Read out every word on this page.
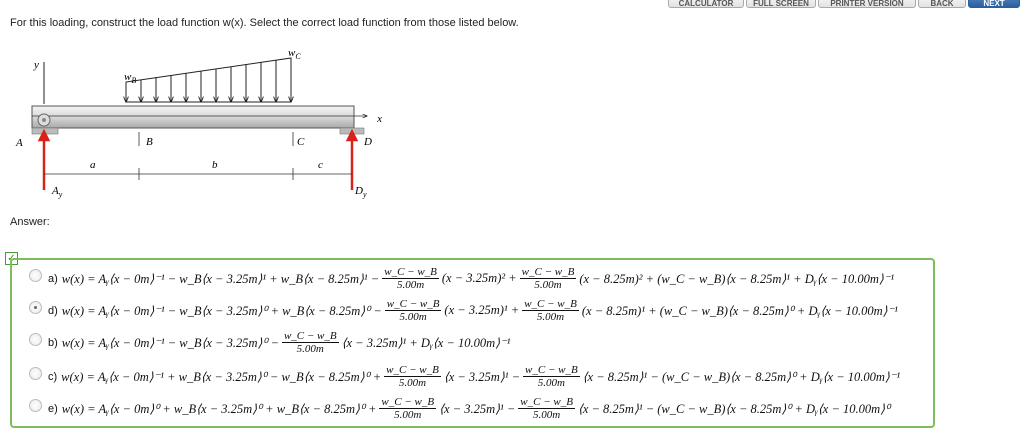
CALCULATOR	FULL SCREEN	PRINTER VERSION	BACK	NEXT
For this loading, construct the load function w(x). Select the correct load function from those listed below.
y
x
$w_B$
$w_C$
$A_y$	$D_y$
A	B	C	D
a	b	c
Answer:
✓
a) w(x) = Aᵧ⟨x − 0m⟩⁻¹ − w_B⟨x − 3.25m⟩¹ + w_B⟨x − 8.25m⟩¹ − $\frac{w\_C - w\_B}{5.00m} (x - 3.25m)^2 + \frac{w\_C - w\_B}{5.00m} (x - 8.25m)^2$ + (w_C − w_B)⟨x − 8.25m⟩¹ + Dᵧ⟨x − 10.00m⟩⁻¹
d) w(x) = Aᵧ⟨x − 0m⟩⁻¹ − w_B⟨x − 3.25m⟩⁰ + w_B⟨x − 8.25m⟩⁰ − $\frac{w\_C - w\_B}{5.00m} (x - 3.25m)^1 + \frac{w\_C - w\_B}{5.00m} (x - 8.25m)^1$ + (w_C − w_B)⟨x − 8.25m⟩⁰ + Dᵧ⟨x − 10.00m⟩⁻¹
b) w(x) = Aᵧ⟨x − 0m⟩⁻¹ − w_B⟨x − 3.25m⟩⁰ − $\frac{w\_C - w\_B}{5.00m}$ ⟨x − 3.25m⟩¹ + Dᵧ⟨x − 10.00m⟩⁻¹
c) w(x) = Aᵧ⟨x − 0m⟩⁻¹ + w_B⟨x − 3.25m⟩⁰ − w_B⟨x − 8.25m⟩⁰ + $\frac{w\_C - w\_B}{5.00m}$ ⟨x − 3.25m⟩¹ − $\frac{w\_C - w\_B}{5.00m}$ ⟨x − 8.25m⟩¹ − (w_C − w_B)⟨x − 8.25m⟩⁰ + Dᵧ⟨x − 10.00m⟩⁻¹
e) w(x) = Aᵧ⟨x − 0m⟩⁰ + w_B⟨x − 3.25m⟩⁰ + w_B⟨x − 8.25m⟩⁰ + $\frac{w\_C - w\_B}{5.00m}$ ⟨x − 3.25m⟩¹ − $\frac{w\_C - w\_B}{5.00m}$ ⟨x − 8.25m⟩¹ − (w_C − w_B)⟨x − 8.25m⟩⁰ + Dᵧ⟨x − 10.00m⟩⁰
